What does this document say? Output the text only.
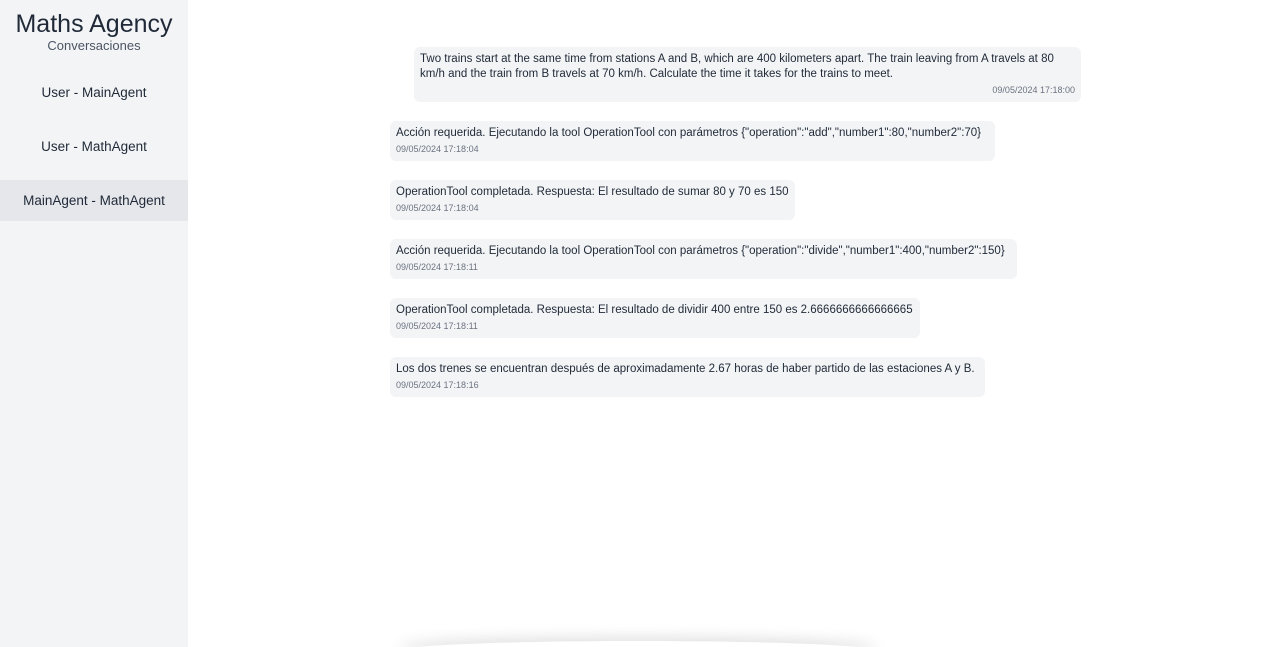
Maths Agency
Conversaciones
User - MainAgent
User - MathAgent
MainAgent - MathAgent
Two trains start at the same time from stations A and B, which are 400 kilometers apart. The train leaving from A travels at 80 km/h and the train from B travels at 70 km/h. Calculate the time it takes for the trains to meet.
09/05/2024 17:18:00
Acción requerida. Ejecutando la tool OperationTool con parámetros {"operation":"add","number1":80,"number2":70}
09/05/2024 17:18:04
OperationTool completada. Respuesta: El resultado de sumar 80 y 70 es 150
09/05/2024 17:18:04
Acción requerida. Ejecutando la tool OperationTool con parámetros {"operation":"divide","number1":400,"number2":150}
09/05/2024 17:18:11
OperationTool completada. Respuesta: El resultado de dividir 400 entre 150 es 2.6666666666666665
09/05/2024 17:18:11
Los dos trenes se encuentran después de aproximadamente 2.67 horas de haber partido de las estaciones A y B.
09/05/2024 17:18:16
